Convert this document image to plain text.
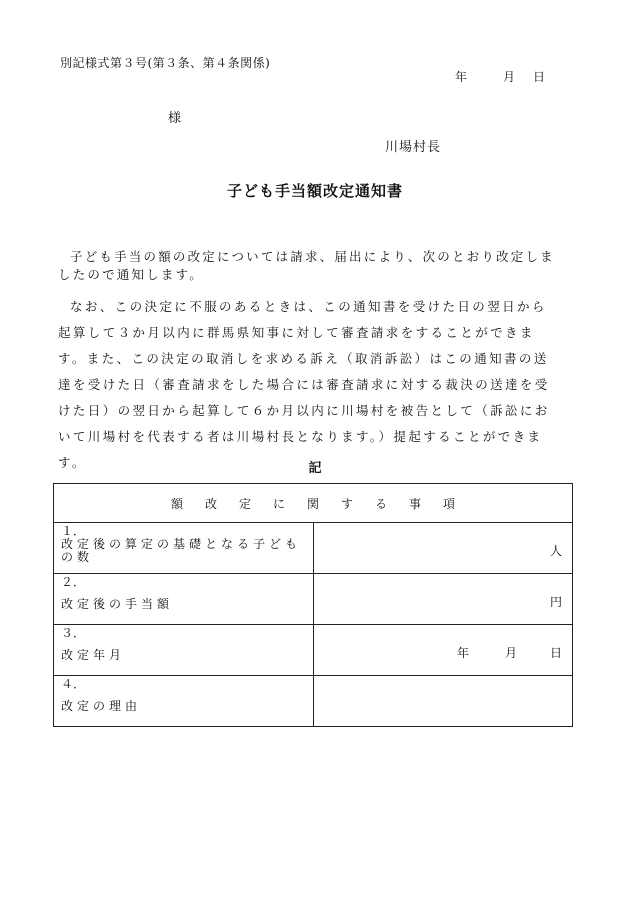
別記様式第３号(第３条、第４条関係)
年	月	日
様
川場村長
子ども手当額改定通知書
子ども手当の額の改定については請求、届出により、次のとおり改定しましたので通知します。
なお、この決定に不服のあるときは、この通知書を受けた日の翌日から起算して３か月以内に群馬県知事に対して審査請求をすることができます。また、この決定の取消しを求める訴え（取消訴訟）はこの通知書の送達を受けた日（審査請求をした場合には審査請求に対する裁決の送達を受けた日）の翌日から起算して６か月以内に川場村を被告として（訴訟において川場村を代表する者は川場村長となります。）提起することができます。	記
額改定に関する事項	

１．
改定後の算定の基礎となる子どもの数	人

２．
改定後の手当額	円

３．
改定年月	年 月 日

４．
改定の理由	
